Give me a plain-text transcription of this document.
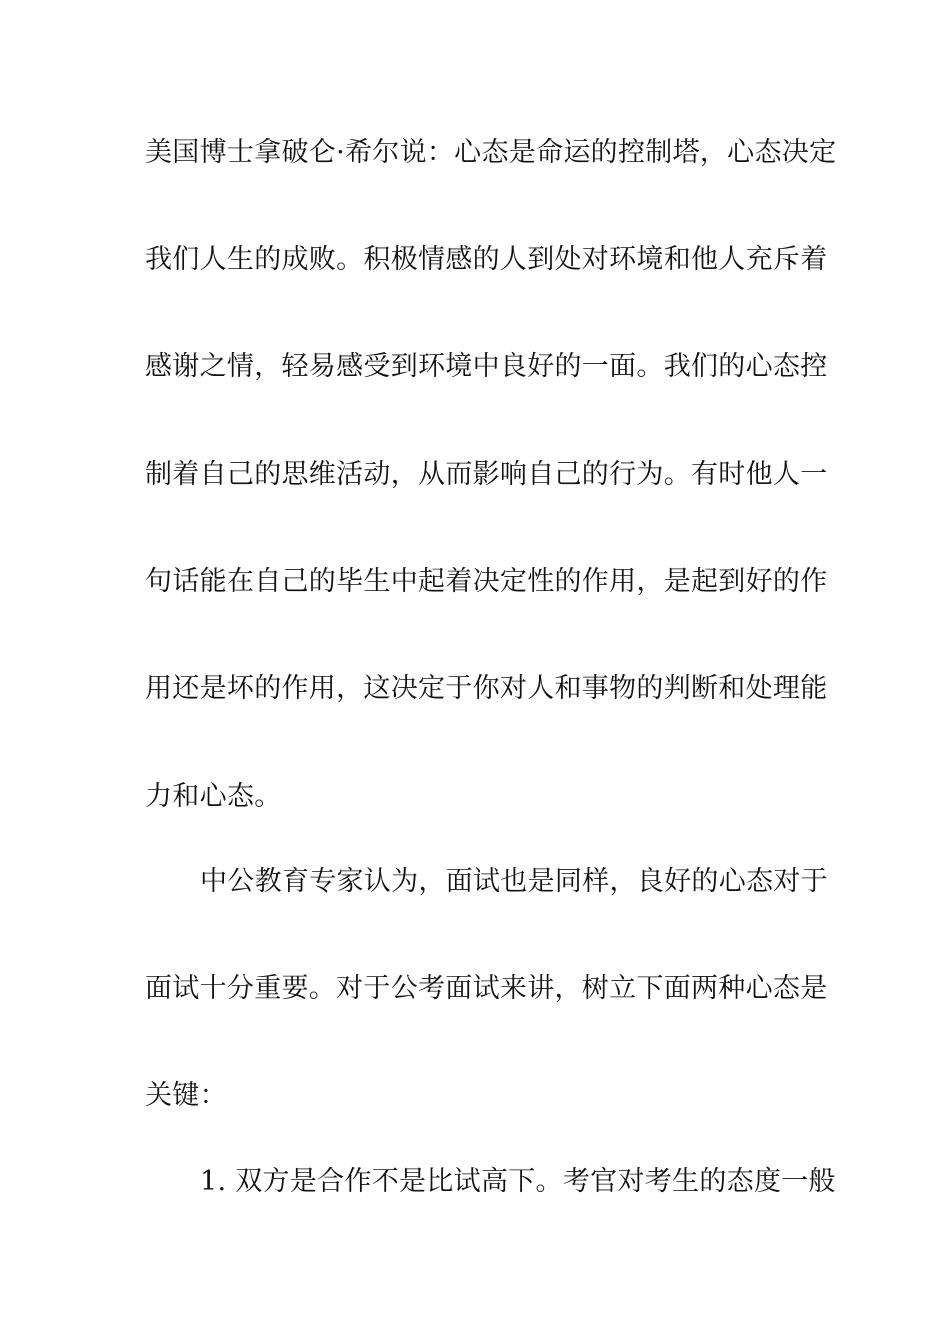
美国博士拿破仑·希尔说：心态是命运的控制塔，心态决定
我们人生的成败。积极情感的人到处对环境和他人充斥着
感谢之情，轻易感受到环境中良好的一面。我们的心态控
制着自己的思维活动，从而影响自己的行为。有时他人一
句话能在自己的毕生中起着决定性的作用，是起到好的作
用还是坏的作用，这决定于你对人和事物的判断和处理能
力和心态。
中公教育专家认为，面试也是同样，良好的心态对于
面试十分重要。对于公考面试来讲，树立下面两种心态是
关键：
1. 双方是合作不是比试高下。考官对考生的态度一般
